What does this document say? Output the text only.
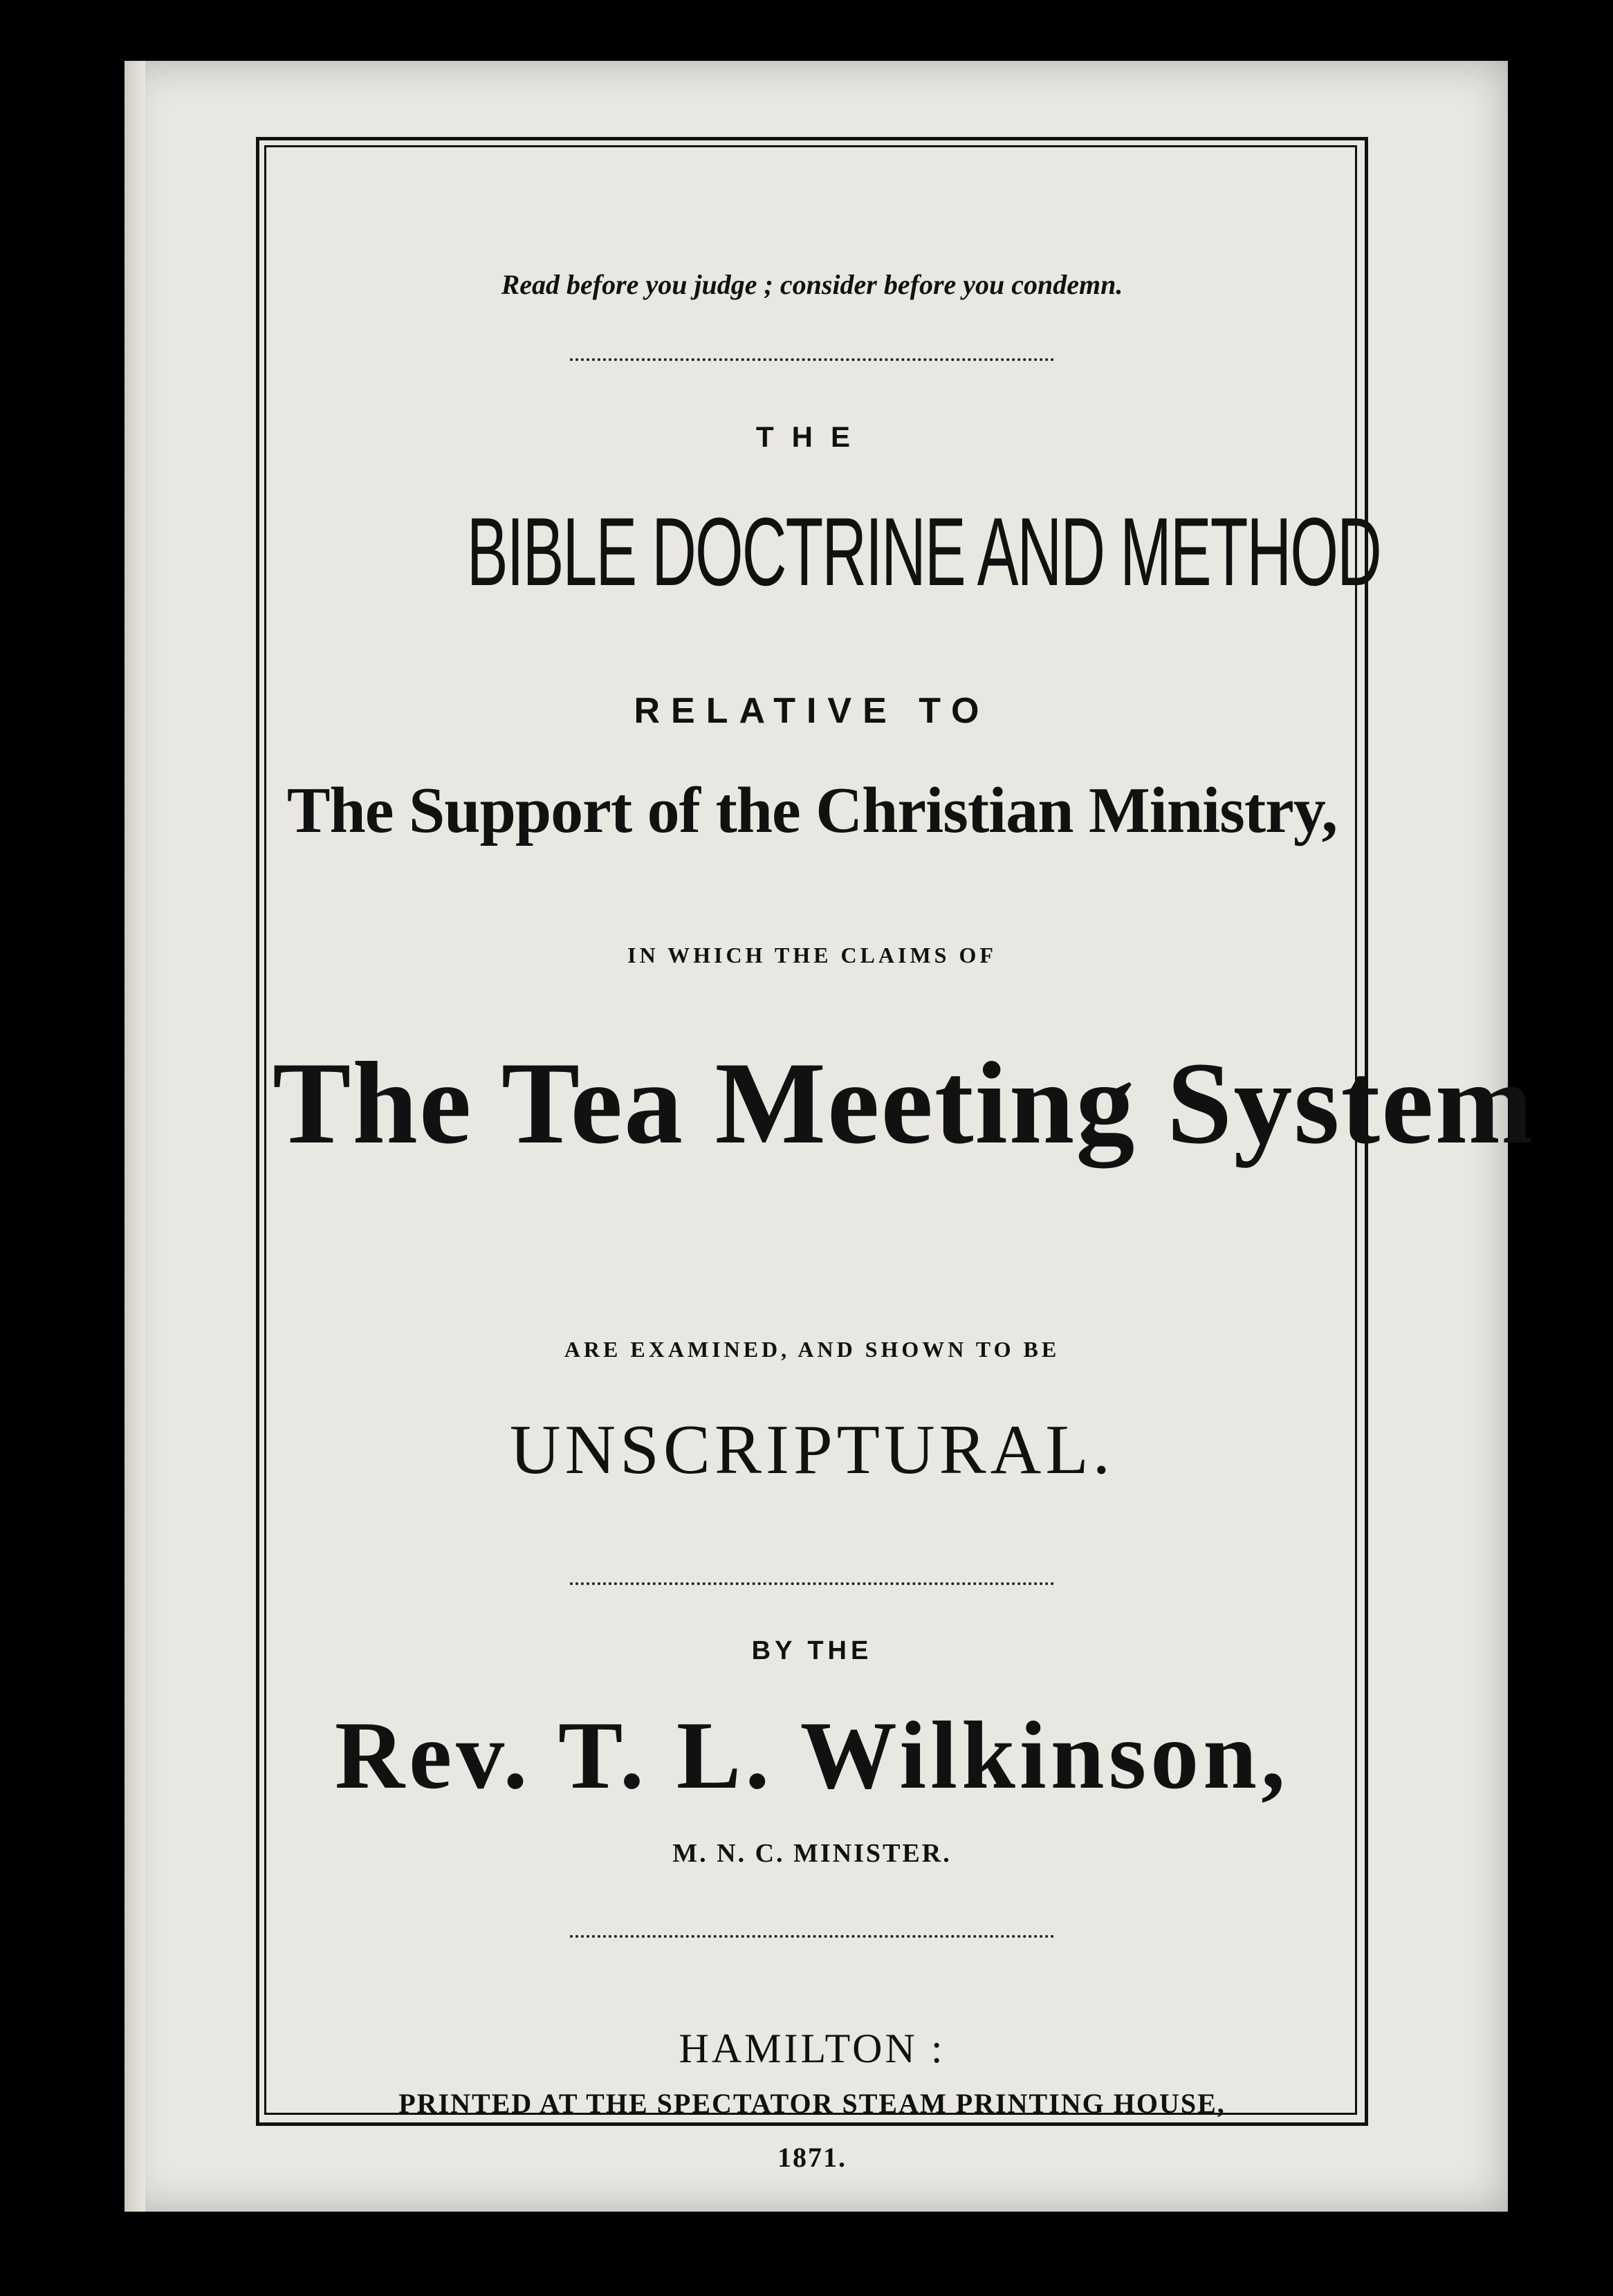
Read before you judge ; consider before you condemn.
THE
BIBLE DOCTRINE AND METHOD
RELATIVE TO
The Support of the Christian Ministry,
IN WHICH THE CLAIMS OF
The Tea Meeting System
ARE EXAMINED, AND SHOWN TO BE
UNSCRIPTURAL.
BY THE
Rev. T. L. Wilkinson,
M. N. C. MINISTER.
HAMILTON :
PRINTED AT THE SPECTATOR STEAM PRINTING HOUSE,
1871.
